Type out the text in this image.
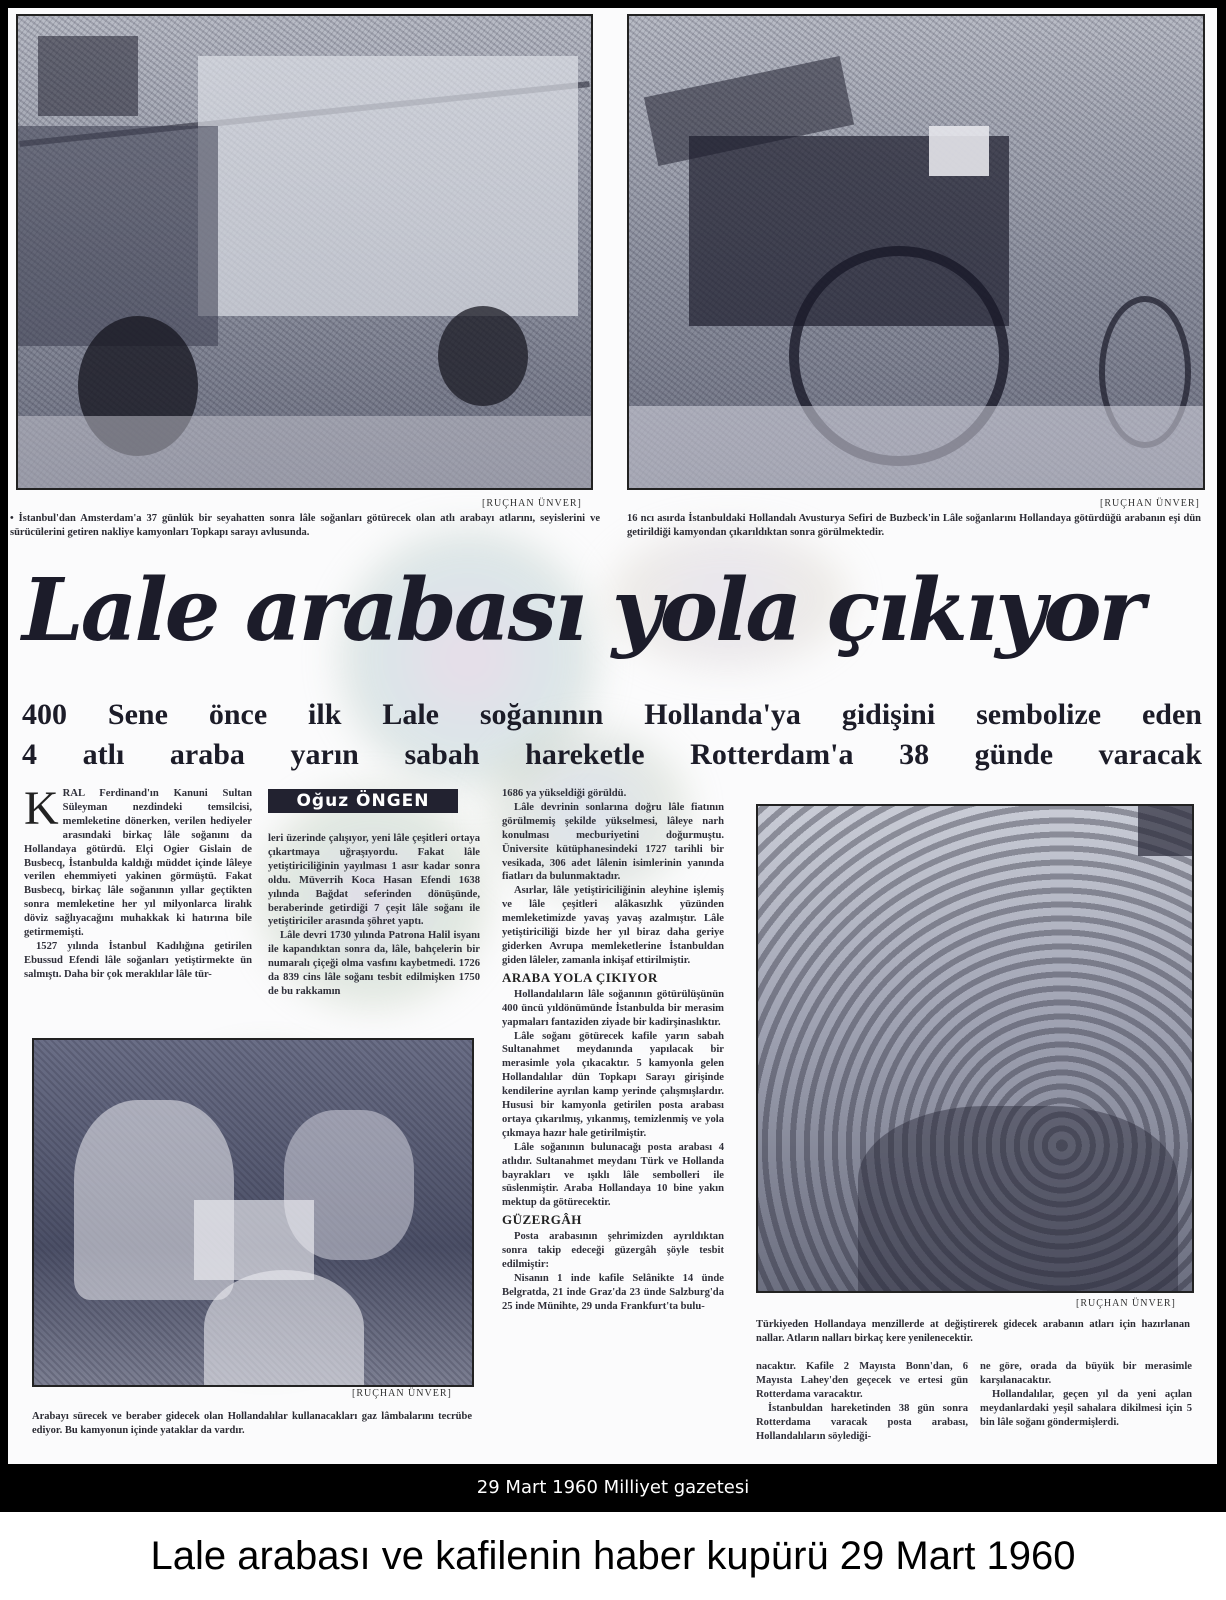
[RUÇHAN ÜNVER]
• İstanbul'dan Amsterdam'a 37 günlük bir seyahatten sonra lâle soğanları götürecek olan atlı arabayı atlarını, seyislerini ve sürücülerini getiren nakliye kamyonları Topkapı sarayı avlusunda.
[RUÇHAN ÜNVER]
16 ncı asırda İstanbuldaki Hollandalı Avusturya Sefiri de Buzbeck'in Lâle soğanlarını Hollandaya götürdüğü arabanın eşi dün getirildiği kamyondan çıkarıldıktan sonra görülmektedir.
Lale arabası yola çıkıyor
400 Sene önce ilk Lale soğanının Hollanda'ya gidişini sembolize eden
4 atlı araba yarın sabah hareketle Rotterdam'a 38 günde varacak

KRAL Ferdinand'ın Kanuni Sultan Süleyman nezdindeki temsilcisi, memleketine dönerken, verilen hediyeler arasındaki birkaç lâle soğanını da Hollandaya götürdü. Elçi Ogier Gislain de Busbecq, İstanbulda kaldığı müddet içinde lâleye verilen ehemmiyeti yakinen görmüştü. Fakat Busbecq, birkaç lâle soğanının yıllar geçtikten sonra memleketine her yıl milyonlarca liralık döviz sağlıyacağını muhakkak ki hatırına bile getirmemişti.

1527 yılında İstanbul Kadılığına getirilen Ebussud Efendi lâle soğanları yetiştirmekte ün salmıştı. Daha bir çok meraklılar lâle tür-

Oğuz ÖNGEN

leri üzerinde çalışıyor, yeni lâle çeşitleri ortaya çıkartmaya uğraşıyordu. Fakat lâle yetiştiriciliğinin yayılması 1 asır kadar sonra oldu. Müverrih Koca Hasan Efendi 1638 yılında Bağdat seferinden dönüşünde, beraberinde getirdiği 7 çeşit lâle soğanı ile yetiştiriciler arasında şöhret yaptı.

Lâle devri 1730 yılında Patrona Halil isyanı ile kapandıktan sonra da, lâle, bahçelerin bir numaralı çiçeği olma vasfını kaybetmedi. 1726 da 839 cins lâle soğanı tesbit edilmişken 1750 de bu rakkamın

1686 ya yükseldiği görüldü.

Lâle devrinin sonlarına doğru lâle fiatının görülmemiş şekilde yükselmesi, lâleye narh konulması mecburiyetini doğurmuştu. Üniversite kütüphanesindeki 1727 tarihli bir vesikada, 306 adet lâlenin isimlerinin yanında fiatları da bulunmaktadır.

Asırlar, lâle yetiştiriciliğinin aleyhine işlemiş ve lâle çeşitleri alâkasızlık yüzünden memleketimizde yavaş yavaş azalmıştır. Lâle yetiştiriciliği bizde her yıl biraz daha geriye giderken Avrupa memleketlerine İstanbuldan giden lâleler, zamanla inkişaf ettirilmiştir.

ARABA YOLA ÇIKIYOR

Hollandalıların lâle soğanının götürülüşünün 400 üncü yıldönümünde İstanbulda bir merasim yapmaları fantaziden ziyade bir kadirşinaslıktır.

Lâle soğanı götürecek kafile yarın sabah Sultanahmet meydanında yapılacak bir merasimle yola çıkacaktır. 5 kamyonla gelen Hollandalılar dün Topkapı Sarayı girişinde kendilerine ayrılan kamp yerinde çalışmışlardır. Hususi bir kamyonla getirilen posta arabası ortaya çıkarılmış, yıkanmış, temizlenmiş ve yola çıkmaya hazır hale getirilmiştir.

Lâle soğanının bulunacağı posta arabası 4 atlıdır. Sultanahmet meydanı Türk ve Hollanda bayrakları ve ışıklı lâle sembolleri ile süslenmiştir. Araba Hollandaya 10 bine yakın mektup da götürecektir.

GÜZERGÂH

Posta arabasının şehrimizden ayrıldıktan sonra takip edeceği güzergâh şöyle tesbit edilmiştir:

Nisanın 1 inde kafile Selânikte 14 ünde Belgratda, 21 inde Graz'da 23 ünde Salzburg'da 25 inde Münihte, 29 unda Frankfurt'ta bulu-

[RUÇHAN ÜNVER]
Arabayı sürecek ve beraber gidecek olan Hollandalılar kullanacakları gaz lâmbalarını tecrübe ediyor. Bu kamyonun içinde yataklar da vardır.
[RUÇHAN ÜNVER]
Türkiyeden Hollandaya menzillerde at değiştirerek gidecek arabanın atları için hazırlanan nallar. Atların nalları birkaç kere yenilenecektir.

nacaktır. Kafile 2 Mayısta Bonn'dan, 6 Mayısta Lahey'den geçecek ve ertesi gün Rotterdama varacaktır.

İstanbuldan hareketinden 38 gün sonra Rotterdama varacak posta arabası, Hollandalıların söylediği-

ne göre, orada da büyük bir merasimle karşılanacaktır.

Hollandalılar, geçen yıl da yeni açılan meydanlardaki yeşil sahalara dikilmesi için 5 bin lâle soğanı göndermişlerdi.

29 Mart 1960 Milliyet gazetesi
Lale arabası ve kafilenin haber kupürü 29 Mart 1960
